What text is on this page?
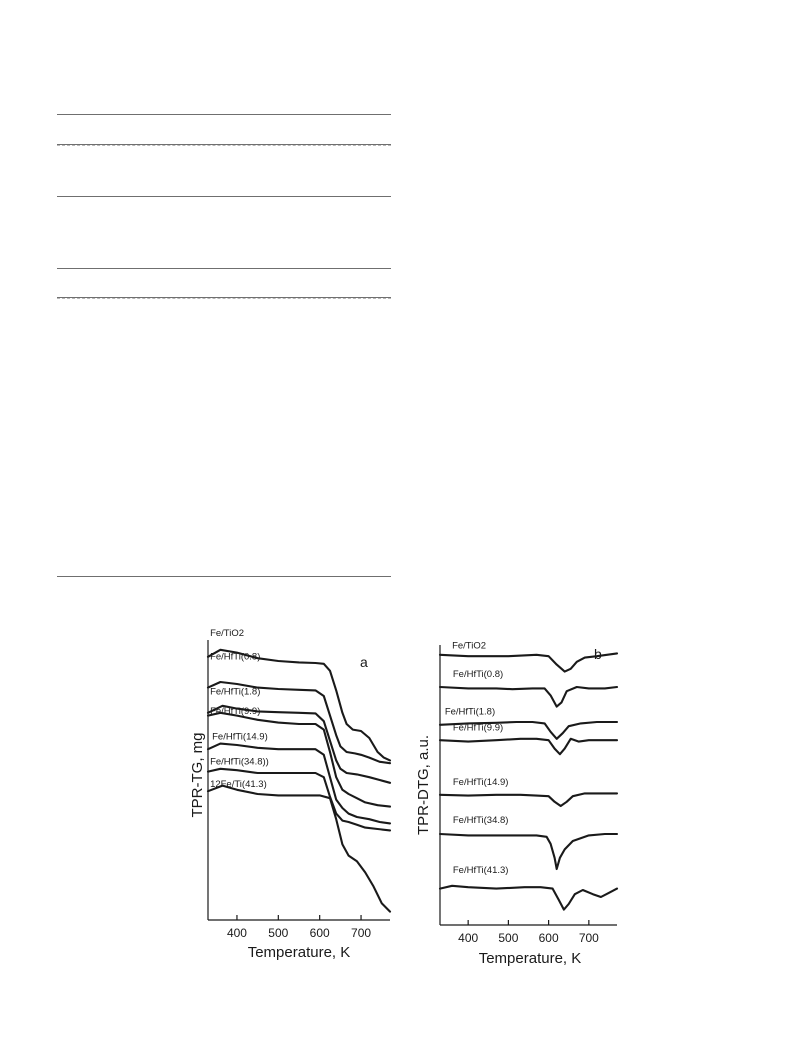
400 500 600 700
Fe/TiO2
Fe/HfTi(0.8)
Fe/HfTi(1.8)
Fe/HfTi(9.9)
Fe/HfTi(14.9)
Fe/HfTi(34.8))
12Fe/Ti(41.3)
a
Temperature, K
TPR-TG, mg
400 500 600 700
Fe/TiO2
Fe/HfTi(0.8)
Fe/HfTi(1.8)
Fe/HfTi(9.9)
Fe/HfTi(14.9)
Fe/HfTi(34.8)
Fe/HfTi(41.3)
b
Temperature, K
TPR-DTG, a.u.
